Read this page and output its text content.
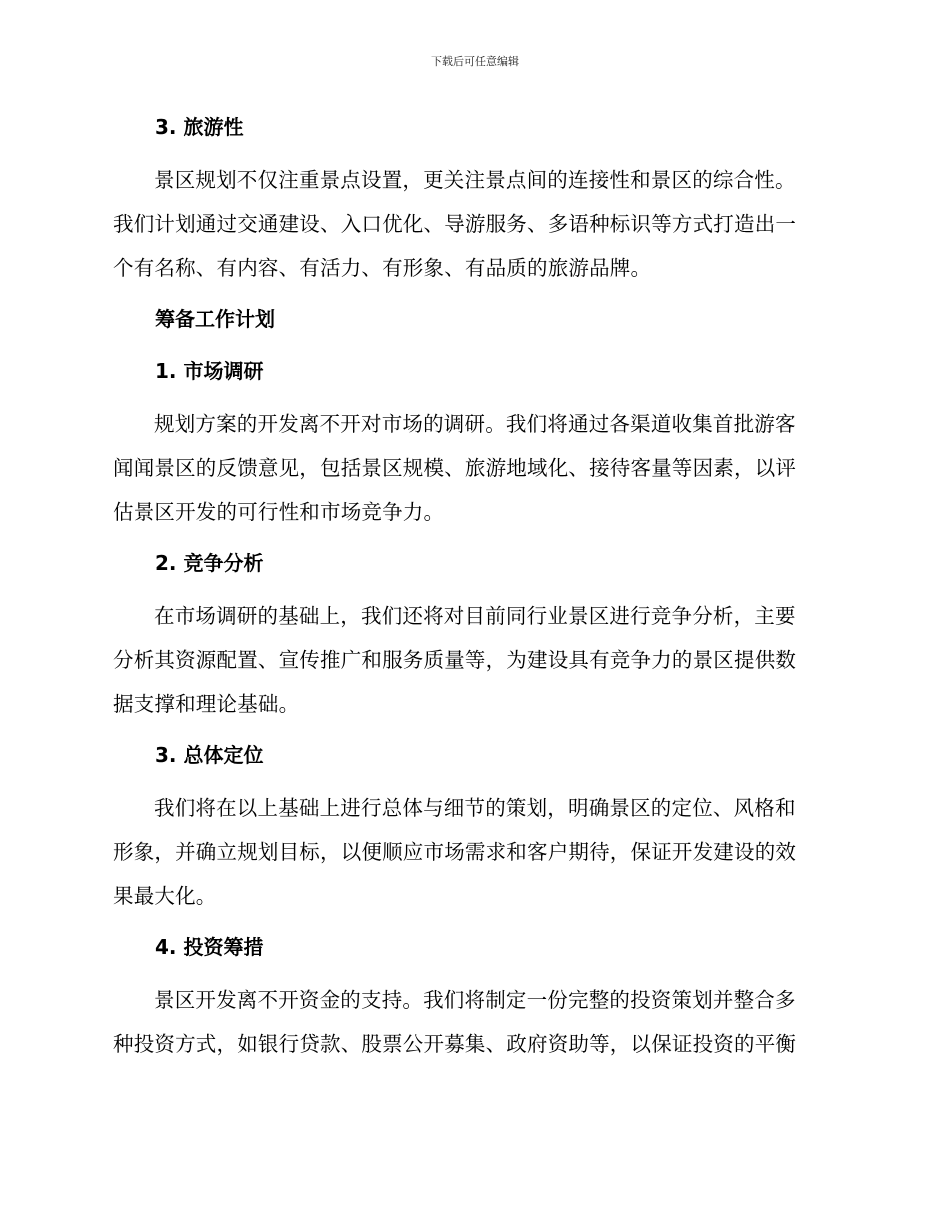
下载后可任意编辑
3. 旅游性

景区规划不仅注重景点设置，更关注景点间的连接性和景区的综合性。
我们计划通过交通建设、入口优化、导游服务、多语种标识等方式打造出一
个有名称、有内容、有活力、有形象、有品质的旅游品牌。

筹备工作计划
1. 市场调研

规划方案的开发离不开对市场的调研。我们将通过各渠道收集首批游客
闻闻景区的反馈意见，包括景区规模、旅游地域化、接待客量等因素，以评
估景区开发的可行性和市场竞争力。

2. 竞争分析

在市场调研的基础上，我们还将对目前同行业景区进行竞争分析，主要
分析其资源配置、宣传推广和服务质量等，为建设具有竞争力的景区提供数
据支撑和理论基础。

3. 总体定位

我们将在以上基础上进行总体与细节的策划，明确景区的定位、风格和
形象，并确立规划目标，以便顺应市场需求和客户期待，保证开发建设的效
果最大化。

4. 投资筹措

景区开发离不开资金的支持。我们将制定一份完整的投资策划并整合多
种投资方式，如银行贷款、股票公开募集、政府资助等，以保证投资的平衡
